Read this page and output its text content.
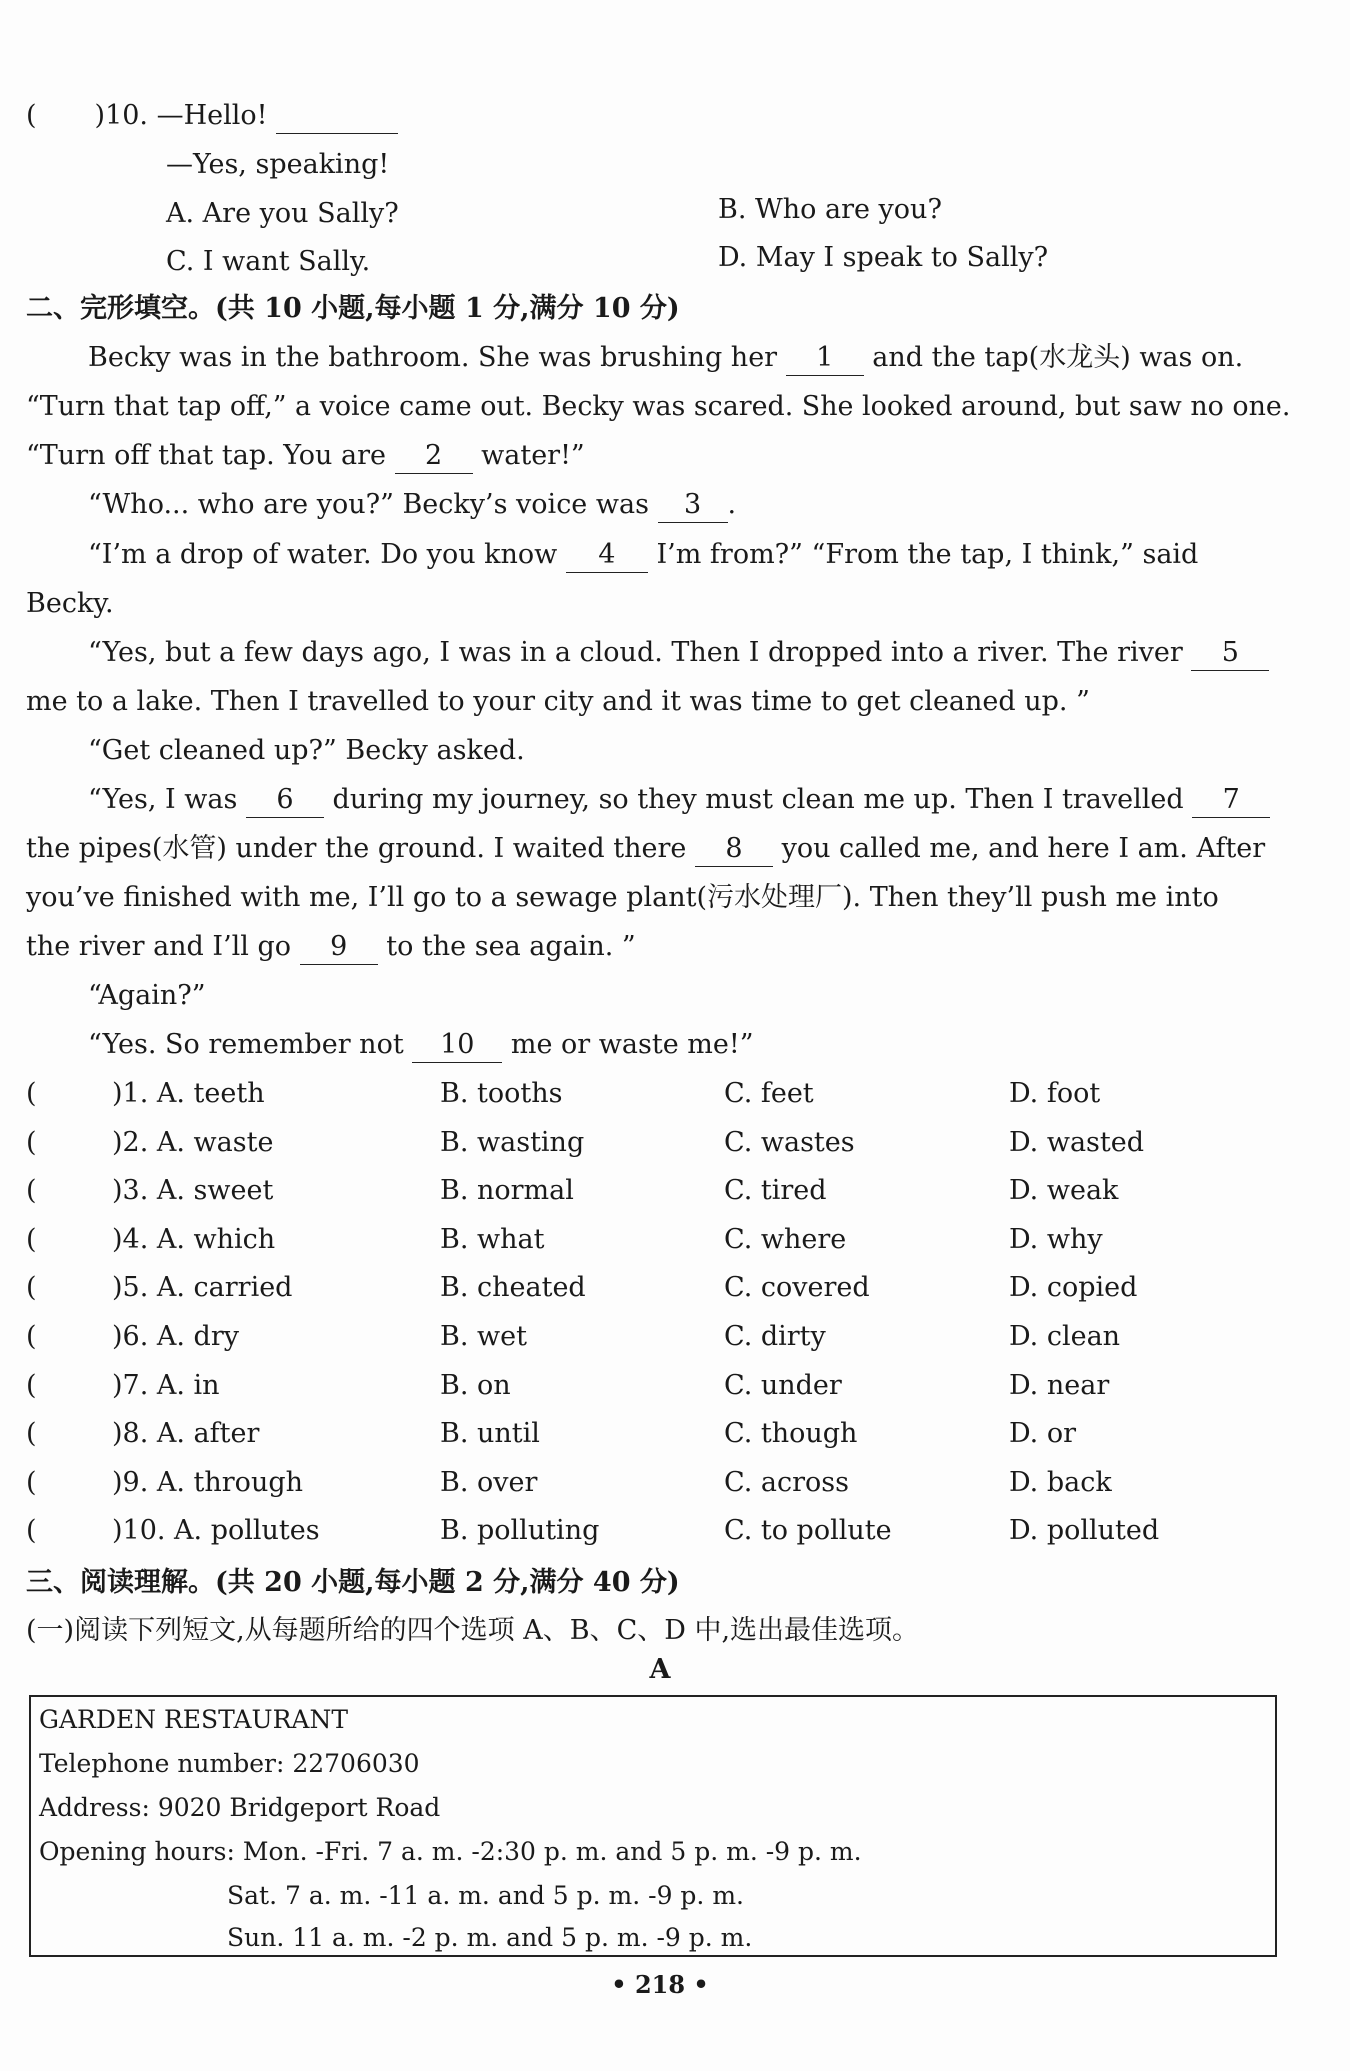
( )10. —Hello!
—Yes, speaking!
A. Are you Sally?	B. Who are you?
C. I want Sally.	D. May I speak to Sally?
二、完形填空。(共 10 小题,每小题 1 分,满分 10 分)
Becky was in the bathroom. She was brushing her 1 and the tap(水龙头) was on.
“Turn that tap off,” a voice came out. Becky was scared. She looked around, but saw no one.
“Turn off that tap. You are 2 water!”
“Who... who are you?” Becky’s voice was 3 .
“I’m a drop of water. Do you know 4 I’m from?” “From the tap, I think,” said
Becky.
“Yes, but a few days ago, I was in a cloud. Then I dropped into a river. The river 5
me to a lake. Then I travelled to your city and it was time to get cleaned up. ”
“Get cleaned up?” Becky asked.
“Yes, I was 6 during my journey, so they must clean me up. Then I travelled 7
the pipes(水管) under the ground. I waited there 8 you called me, and here I am. After
you’ve finished with me, I’ll go to a sewage plant(污水处理厂). Then they’ll push me into
the river and I’ll go 9 to the sea again. ”
“Again?”
“Yes. So remember not 10 me or waste me!”
(	)1. A. teeth	B. tooths	C. feet	D. foot
(	)2. A. waste	B. wasting	C. wastes	D. wasted
(	)3. A. sweet	B. normal	C. tired	D. weak
(	)4. A. which	B. what	C. where	D. why
(	)5. A. carried	B. cheated	C. covered	D. copied
(	)6. A. dry	B. wet	C. dirty	D. clean
(	)7. A. in	B. on	C. under	D. near
(	)8. A. after	B. until	C. though	D. or
(	)9. A. through	B. over	C. across	D. back
(	)10. A. pollutes	B. polluting	C. to pollute	D. polluted
三、阅读理解。(共 20 小题,每小题 2 分,满分 40 分)
(一)阅读下列短文,从每题所给的四个选项 A、B、C、D 中,选出最佳选项。
A
GARDEN RESTAURANT
Telephone number: 22706030
Address: 9020 Bridgeport Road
Opening hours: Mon. -Fri. 7 a. m. -2:30 p. m. and 5 p. m. -9 p. m.
Sat. 7 a. m. -11 a. m. and 5 p. m. -9 p. m.
Sun. 11 a. m. -2 p. m. and 5 p. m. -9 p. m.
• 218 •
